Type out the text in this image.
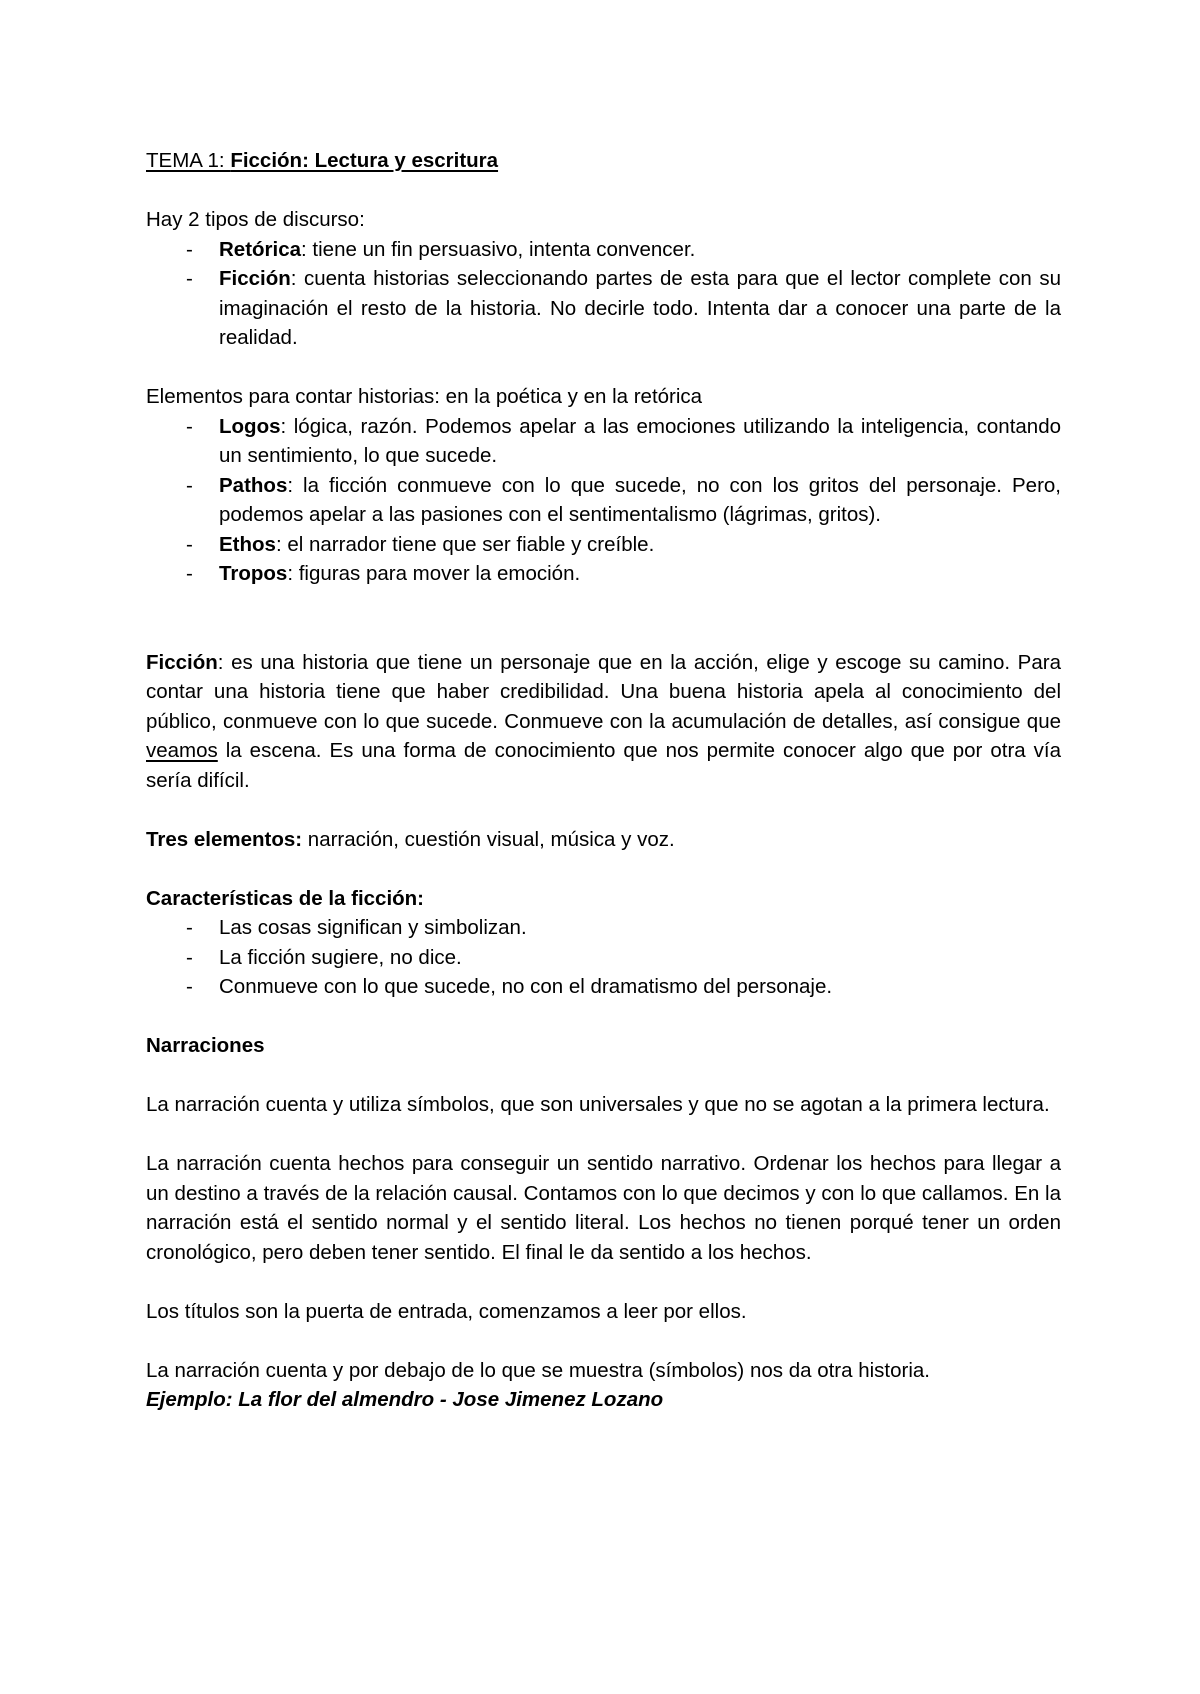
TEMA 1: Ficción: Lectura y escritura

Hay 2 tipos de discurso:

- Retórica: tiene un fin persuasivo, intenta convencer.
- Ficción: cuenta historias seleccionando partes de esta para que el lector complete con su imaginación el resto de la historia. No decirle todo. Intenta dar a conocer una parte de la realidad.

Elementos para contar historias: en la poética y en la retórica

- Logos: lógica, razón. Podemos apelar a las emociones utilizando la inteligencia, contando un sentimiento, lo que sucede.
- Pathos: la ficción conmueve con lo que sucede, no con los gritos del personaje. Pero, podemos apelar a las pasiones con el sentimentalismo (lágrimas, gritos).
- Ethos: el narrador tiene que ser fiable y creíble.
- Tropos: figuras para mover la emoción.

Ficción: es una historia que tiene un personaje que en la acción, elige y escoge su camino. Para contar una historia tiene que haber credibilidad. Una buena historia apela al conocimiento del público, conmueve con lo que sucede. Conmueve con la acumulación de detalles, así consigue que veamos la escena. Es una forma de conocimiento que nos permite conocer algo que por otra vía sería difícil.

Tres elementos: narración, cuestión visual, música y voz.

Características de la ficción:

- Las cosas significan y simbolizan.
- La ficción sugiere, no dice.
- Conmueve con lo que sucede, no con el dramatismo del personaje.

Narraciones

La narración cuenta y utiliza símbolos, que son universales y que no se agotan a la primera lectura.

La narración cuenta hechos para conseguir un sentido narrativo. Ordenar los hechos para llegar a un destino a través de la relación causal. Contamos con lo que decimos y con lo que callamos. En la narración está el sentido normal y el sentido literal. Los hechos no tienen porqué tener un orden cronológico, pero deben tener sentido. El final le da sentido a los hechos.

Los títulos son la puerta de entrada, comenzamos a leer por ellos.

La narración cuenta y por debajo de lo que se muestra (símbolos) nos da otra historia.

Ejemplo: La flor del almendro - Jose Jimenez Lozano
